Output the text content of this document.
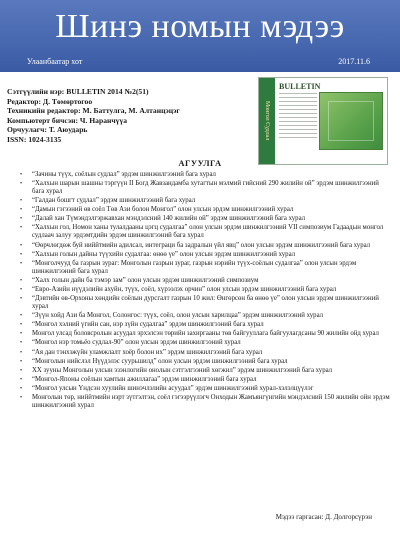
Шинэ номын мэдээ
Улаанбаатар хот	2017.11.6
Сэтгүүлийн нэр: BULLETIN 2014 №2(51)
Редактор: Д. Төмөртогоо
Техникийн редактор: М. Баттулга, М. Алтанцэцэг
Компьютерт бичсэн: Ч. Наранчүүа
Орчуулагч: Т. Аюударь
ISSN: 1024-3135	Монгол Судлал
BULLETIN
АГУУЛГА
• “Зачины түүх, соёлын судлал” эрдэм шинжилгээний бага хурал
• “Халхын шарын шашны тэргүүн II Богд Жавзандамба хутагтын мэлмий гийсний 290 жилийн ой” эрдэм шинжилгээний бага хурал
• “Галдан бошгт судлал” эрдэм шинжилгээний бага хурал
• “Дамын гэгээний өв соёл Төв Ази болон Монгол” олон улсын эрдэм шинжилгээний хурал
• “Далай хан Түмэндэлгэржавхан мэндэлсний 140 жилийн ой” эрдэм шинжилгээний бага хурал
• “Халхын гол, Номон ханы тулалдааны цэгц судалгаа” олон улсын эрдэм шинжилгээний VII симпозиум Гадаадын монгол судлаач залуу эрдэмтдийн эрдэм шинжилгээний бага хурал
• “Өөрчлөгдөж буй ниййтмийн адилсал, интеграци ба задралын үйл явц” олон улсын эрдэм шинжилгээний бага хурал
• “Халхын голын дайны түүхийн судалгаа: өнөө үе” олон улсын эрдэм шинжилгээний хурал
• “Монголчууд ба газрын зураг: Монголын газрын зураг, газрын нэрийн түүх-соёлын судалгаа” олон улсын эрдэм шинжилгээний бага хурал
• “Халх голын дайн ба тэмэр зам” олон улсын эрдэм шинжилгээний симпозиум
• “Евро-Азийн нүүдэлийн ахуйн, түүх, соёл, хүрээлэх орчин” олон улсын эрдэм шинжилгээний бага хурал
• “Дэвтийн өв-Орхоны хөндийн соёлын дурсгалт газрын 10 жил: Өнгөрсөн ба өнөө үе” олон улсын эрдэм шинжилгээний хурал
• “Зүүн хойд Ази ба Монгол, Солонгос: түүх, соёл, олон улсын харилцаа” эрдэм шинжилгээний хурал
• “Монгол хэлний үгийн сан, нэр зүйн судалгаа” эрдэм шинжилгээний бага хурал
• Монгол улсад боловсролын асуудал эрхэлсэн төрийн захиргааны төв байгууллага байгуулагдсаны 90 жилийн ойд хурал
• “Монгол нэр томьёо судлал-90” олон улсын эрдэм шинжилгээний хурал
• “Ая дан тэнхэжүйн уламжлалт хоёр болон их” эрдэм шинжилгээний бага хурал
• “Монголын нийслэл Нүүдэлэс суурьшилд” олон улсын эрдэм шинжилгээний бага хурал
• ХХ зууны Монголын улсын эзэнлогийн онолын сэтгэлгээний хөгжил” эрдэм шинжилгээний бага хурал
• “Монгол-Японы соёлын хамтын ажиллагаа” эрдэм шинжилгээний бага хурал
• “Монгол улсын Үндсэн хуулийн шинэчлэлийн асуудал” эрдэм шинжилгээний хурал-хэлэлцүүлэг
• Монголын төр, ниййтмийн нэрт зүтгэлтэн, соёл гэгээрүүлэгч Онходын Жамъянгүнгийн мэндэлсний 150 жилийн ойн эрдэм шинжилгээний хурал
Мэдээ гаргасан: Д. Долгорсүрэн
